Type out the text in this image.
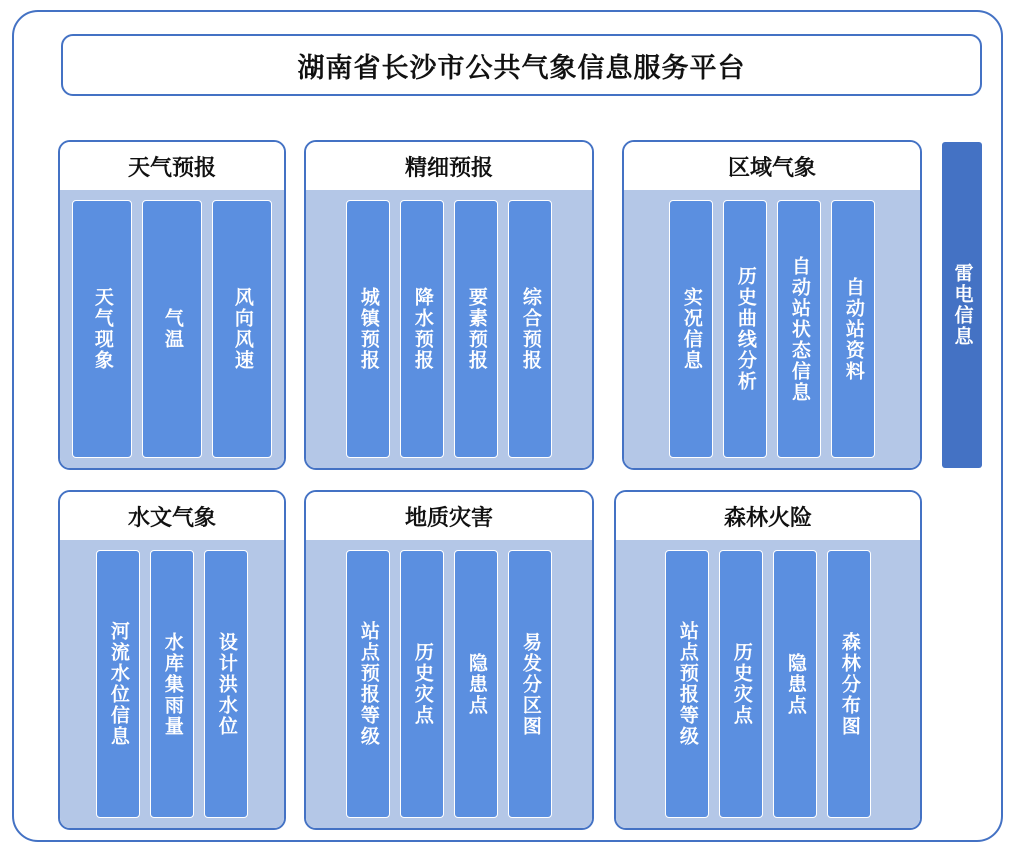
湖南省长沙市公共气象信息服务平台
天气预报
天气现象	气温	风向风速
精细预报
城镇预报	降水预报	要素预报	综合预报
区域气象
实况信息	历史曲线分析	自动站状态信息	自动站资料
水文气象
河流水位信息	水库集雨量	设计洪水位
地质灾害
站点预报等级	历史灾点	隐患点	易发分区图
森林火险
站点预报等级	历史灾点	隐患点	森林分布图
雷电信息
